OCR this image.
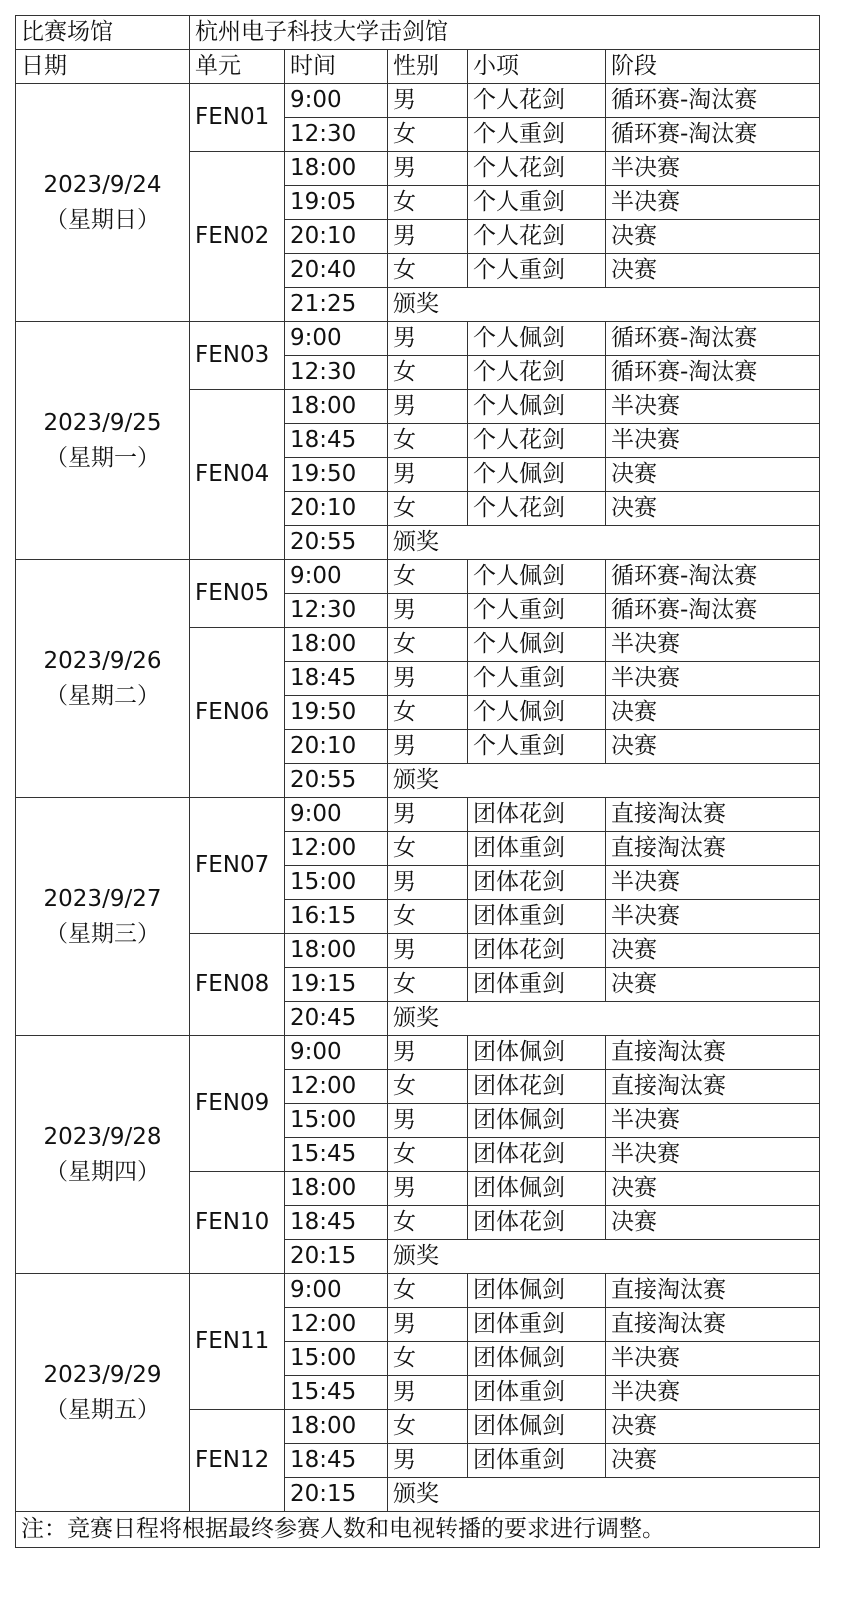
比赛场馆	杭州电子科技大学击剑馆				
日期	单元	时间	性别	小项	阶段
2023/9/24
（星期日）	FEN01	9:00	男	个人花剑	循环赛-淘汰赛
		12:30	女	个人重剑	循环赛-淘汰赛
	FEN02	18:00	男	个人花剑	半决赛
		19:05	女	个人重剑	半决赛
		20:10	男	个人花剑	决赛
		20:40	女	个人重剑	决赛
		21:25	颁奖		
2023/9/25
（星期一）	FEN03	9:00	男	个人佩剑	循环赛-淘汰赛
		12:30	女	个人花剑	循环赛-淘汰赛
	FEN04	18:00	男	个人佩剑	半决赛
		18:45	女	个人花剑	半决赛
		19:50	男	个人佩剑	决赛
		20:10	女	个人花剑	决赛
		20:55	颁奖		
2023/9/26
（星期二）	FEN05	9:00	女	个人佩剑	循环赛-淘汰赛
		12:30	男	个人重剑	循环赛-淘汰赛
	FEN06	18:00	女	个人佩剑	半决赛
		18:45	男	个人重剑	半决赛
		19:50	女	个人佩剑	决赛
		20:10	男	个人重剑	决赛
		20:55	颁奖		
2023/9/27
（星期三）	FEN07	9:00	男	团体花剑	直接淘汰赛
		12:00	女	团体重剑	直接淘汰赛
		15:00	男	团体花剑	半决赛
		16:15	女	团体重剑	半决赛
	FEN08	18:00	男	团体花剑	决赛
		19:15	女	团体重剑	决赛
		20:45	颁奖		
2023/9/28
（星期四）	FEN09	9:00	男	团体佩剑	直接淘汰赛
		12:00	女	团体花剑	直接淘汰赛
		15:00	男	团体佩剑	半决赛
		15:45	女	团体花剑	半决赛
	FEN10	18:00	男	团体佩剑	决赛
		18:45	女	团体花剑	决赛
		20:15	颁奖		
2023/9/29
（星期五）	FEN11	9:00	女	团体佩剑	直接淘汰赛
		12:00	男	团体重剑	直接淘汰赛
		15:00	女	团体佩剑	半决赛
		15:45	男	团体重剑	半决赛
	FEN12	18:00	女	团体佩剑	决赛
		18:45	男	团体重剑	决赛
		20:15	颁奖		
注：竞赛日程将根据最终参赛人数和电视转播的要求进行调整。					
